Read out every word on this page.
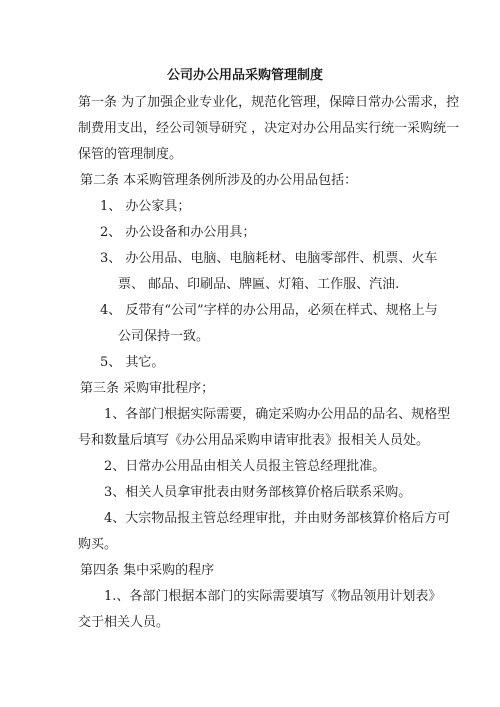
公司办公用品采购管理制度
第一条 为了加强企业专业化，规范化管理，保障日常办公需求，控
制费用支出，经公司领导研究 ，决定对办公用品实行统一采购统一
保管的管理制度。
第二条 本采购管理条例所涉及的办公用品包括：
1、 办公家具；
2、 办公设备和办公用具；
3、 办公用品、电脑、电脑耗材、电脑零部件、机票、火车
票、 邮品、印刷品、牌匾、灯箱、工作服、汽油.
4、 反带有“公司”字样的办公用品，必须在样式、规格上与
公司保持一致。
5、 其它。
第三条 采购审批程序；
1、各部门根据实际需要，确定采购办公用品的品名、规格型
号和数量后填写《办公用品采购申请审批表》报相关人员处。
2、日常办公用品由相关人员报主管总经理批准。
3、相关人员拿审批表由财务部核算价格后联系采购。
4、大宗物品报主管总经理审批，并由财务部核算价格后方可
购买。
第四条 集中采购的程序
1.、各部门根据本部门的实际需要填写《物品领用计划表》
交于相关人员。
